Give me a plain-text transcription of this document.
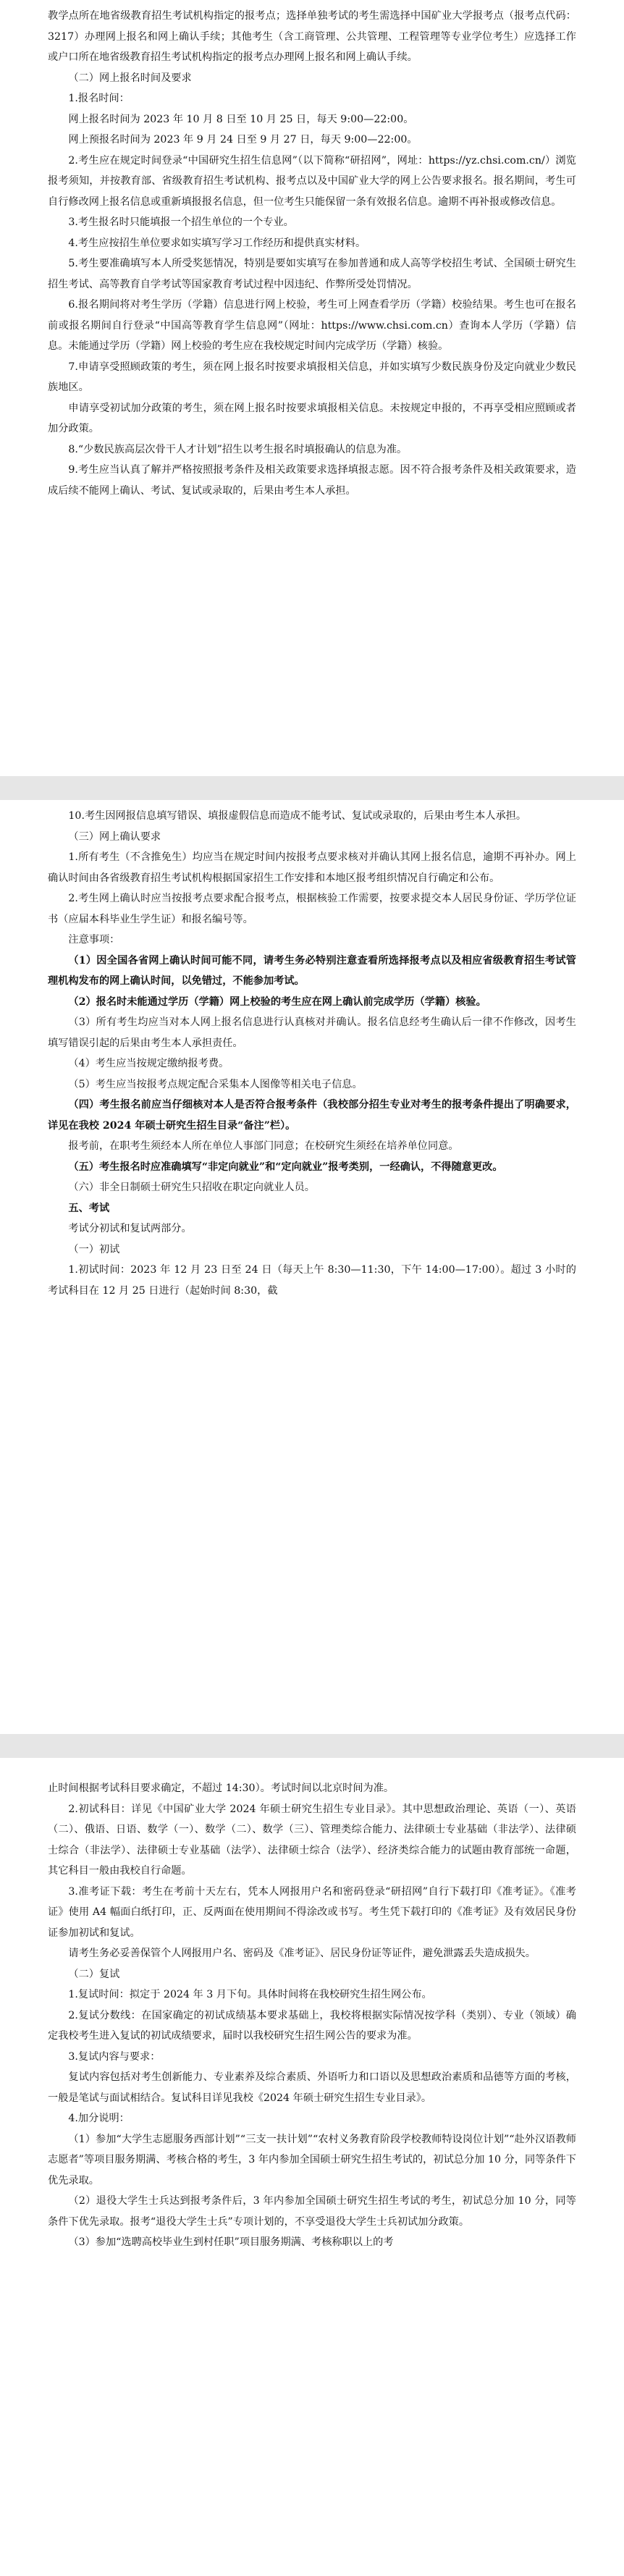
教学点所在地省级教育招生考试机构指定的报考点；选择单独考试的考生需选择中国矿业大学报考点（报考点代码：3217）办理网上报名和网上确认手续；其他考生（含工商管理、公共管理、工程管理等专业学位考生）应选择工作或户口所在地省级教育招生考试机构指定的报考点办理网上报名和网上确认手续。

（二）网上报名时间及要求

1.报名时间：

网上报名时间为 2023 年 10 月 8 日至 10 月 25 日，每天 9:00—22:00。

网上预报名时间为 2023 年 9 月 24 日至 9 月 27 日，每天 9:00—22:00。

2.考生应在规定时间登录“中国研究生招生信息网”（以下简称“研招网”，网址：https://yz.chsi.com.cn/）浏览报考须知，并按教育部、省级教育招生考试机构、报考点以及中国矿业大学的网上公告要求报名。报名期间，考生可自行修改网上报名信息或重新填报报名信息，但一位考生只能保留一条有效报名信息。逾期不再补报或修改信息。

3.考生报名时只能填报一个招生单位的一个专业。

4.考生应按招生单位要求如实填写学习工作经历和提供真实材料。

5.考生要准确填写本人所受奖惩情况，特别是要如实填写在参加普通和成人高等学校招生考试、全国硕士研究生招生考试、高等教育自学考试等国家教育考试过程中因违纪、作弊所受处罚情况。

6.报名期间将对考生学历（学籍）信息进行网上校验，考生可上网查看学历（学籍）校验结果。考生也可在报名前或报名期间自行登录“中国高等教育学生信息网”（网址：https://www.chsi.com.cn）查询本人学历（学籍）信息。未能通过学历（学籍）网上校验的考生应在我校规定时间内完成学历（学籍）核验。

7.申请享受照顾政策的考生，须在网上报名时按要求填报相关信息，并如实填写少数民族身份及定向就业少数民族地区。

申请享受初试加分政策的考生，须在网上报名时按要求填报相关信息。未按规定申报的，不再享受相应照顾或者加分政策。

8.“少数民族高层次骨干人才计划”招生以考生报名时填报确认的信息为准。

9.考生应当认真了解并严格按照报考条件及相关政策要求选择填报志愿。因不符合报考条件及相关政策要求，造成后续不能网上确认、考试、复试或录取的，后果由考生本人承担。

10.考生因网报信息填写错误、填报虚假信息而造成不能考试、复试或录取的，后果由考生本人承担。

（三）网上确认要求

1.所有考生（不含推免生）均应当在规定时间内按报考点要求核对并确认其网上报名信息，逾期不再补办。网上确认时间由各省级教育招生考试机构根据国家招生工作安排和本地区报考组织情况自行确定和公布。

2.考生网上确认时应当按报考点要求配合报考点，根据核验工作需要，按要求提交本人居民身份证、学历学位证书（应届本科毕业生学生证）和报名编号等。

注意事项：

（1）因全国各省网上确认时间可能不同，请考生务必特别注意查看所选择报考点以及相应省级教育招生考试管理机构发布的网上确认时间，以免错过，不能参加考试。

（2）报名时未能通过学历（学籍）网上校验的考生应在网上确认前完成学历（学籍）核验。

（3）所有考生均应当对本人网上报名信息进行认真核对并确认。报名信息经考生确认后一律不作修改，因考生填写错误引起的后果由考生本人承担责任。

（4）考生应当按规定缴纳报考费。

（5）考生应当按报考点规定配合采集本人图像等相关电子信息。

（四）考生报名前应当仔细核对本人是否符合报考条件（我校部分招生专业对考生的报考条件提出了明确要求，详见在我校 2024 年硕士研究生招生目录“备注”栏）。

报考前，在职考生须经本人所在单位人事部门同意；在校研究生须经在培养单位同意。

（五）考生报名时应准确填写“非定向就业”和“定向就业”报考类别，一经确认，不得随意更改。

（六）非全日制硕士研究生只招收在职定向就业人员。

五、考试

考试分初试和复试两部分。

（一）初试

1.初试时间：2023 年 12 月 23 日至 24 日（每天上午 8:30—11:30，下午 14:00—17:00）。超过 3 小时的考试科目在 12 月 25 日进行（起始时间 8:30，截

止时间根据考试科目要求确定，不超过 14:30）。考试时间以北京时间为准。

2.初试科目：详见《中国矿业大学 2024 年硕士研究生招生专业目录》。其中思想政治理论、英语（一）、英语（二）、俄语、日语、数学（一）、数学（二）、数学（三）、管理类综合能力、法律硕士专业基础（非法学）、法律硕士综合（非法学）、法律硕士专业基础（法学）、法律硕士综合（法学）、经济类综合能力的试题由教育部统一命题，其它科目一般由我校自行命题。

3.准考证下载：考生在考前十天左右，凭本人网报用户名和密码登录“研招网”自行下载打印《准考证》。《准考证》使用 A4 幅面白纸打印，正、反两面在使用期间不得涂改或书写。考生凭下载打印的《准考证》及有效居民身份证参加初试和复试。

请考生务必妥善保管个人网报用户名、密码及《准考证》、居民身份证等证件，避免泄露丢失造成损失。

（二）复试

1.复试时间：拟定于 2024 年 3 月下旬。具体时间将在我校研究生招生网公布。

2.复试分数线：在国家确定的初试成绩基本要求基础上，我校将根据实际情况按学科（类别）、专业（领域）确定我校考生进入复试的初试成绩要求，届时以我校研究生招生网公告的要求为准。

3.复试内容与要求：

复试内容包括对考生创新能力、专业素养及综合素质、外语听力和口语以及思想政治素质和品德等方面的考核，一般是笔试与面试相结合。复试科目详见我校《2024 年硕士研究生招生专业目录》。

4.加分说明：

（1）参加“大学生志愿服务西部计划”“三支一扶计划”“农村义务教育阶段学校教师特设岗位计划”“赴外汉语教师志愿者”等项目服务期满、考核合格的考生，3 年内参加全国硕士研究生招生考试的，初试总分加 10 分，同等条件下优先录取。

（2）退役大学生士兵达到报考条件后，3 年内参加全国硕士研究生招生考试的考生，初试总分加 10 分，同等条件下优先录取。报考“退役大学生士兵”专项计划的，不享受退役大学生士兵初试加分政策。

（3）参加“选聘高校毕业生到村任职”项目服务期满、考核称职以上的考
